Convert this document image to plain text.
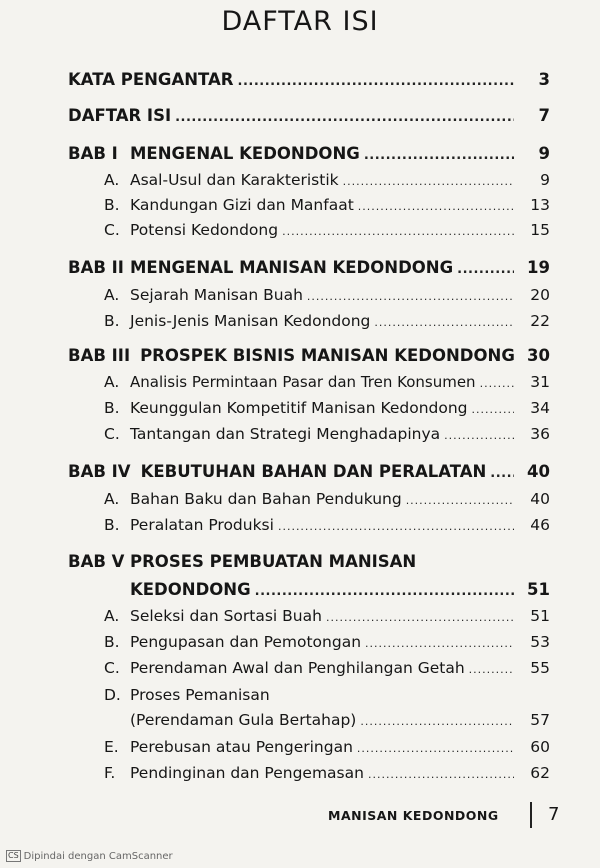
DAFTAR ISI
KATA PENGANTAR .....	3
DAFTAR ISI .....	7
BAB I MENGENAL KEDONDONG .....	9
A. Asal-Usul dan Karakteristik .....	9
B. Kandungan Gizi dan Manfaat .....	13
C. Potensi Kedondong .....	15
BAB II MENGENAL MANISAN KEDONDONG .....	19
A. Sejarah Manisan Buah .....	20
B. Jenis-Jenis Manisan Kedondong .....	22
BAB III PROSPEK BISNIS MANISAN KEDONDONG 30
A. Analisis Permintaan Pasar dan Tren Konsumen .....	31
B. Keunggulan Kompetitif Manisan Kedondong .....	34
C. Tantangan dan Strategi Menghadapinya .....	36
BAB IV KEBUTUHAN BAHAN DAN PERALATAN .....	40
A. Bahan Baku dan Bahan Pendukung .....	40
B. Peralatan Produksi .....	46
BAB V PROSES PEMBUATAN MANISAN
KEDONDONG .....	51
A. Seleksi dan Sortasi Buah .....	51
B. Pengupasan dan Pemotongan .....	53
C. Perendaman Awal dan Penghilangan Getah .....	55
D. Proses Pemanisan
(Perendaman Gula Bertahap) .....	57
E. Perebusan atau Pengeringan .....	60
F. Pendinginan dan Pengemasan .....	62
MANISAN KEDONDONG	7
CS Dipindai dengan CamScanner
